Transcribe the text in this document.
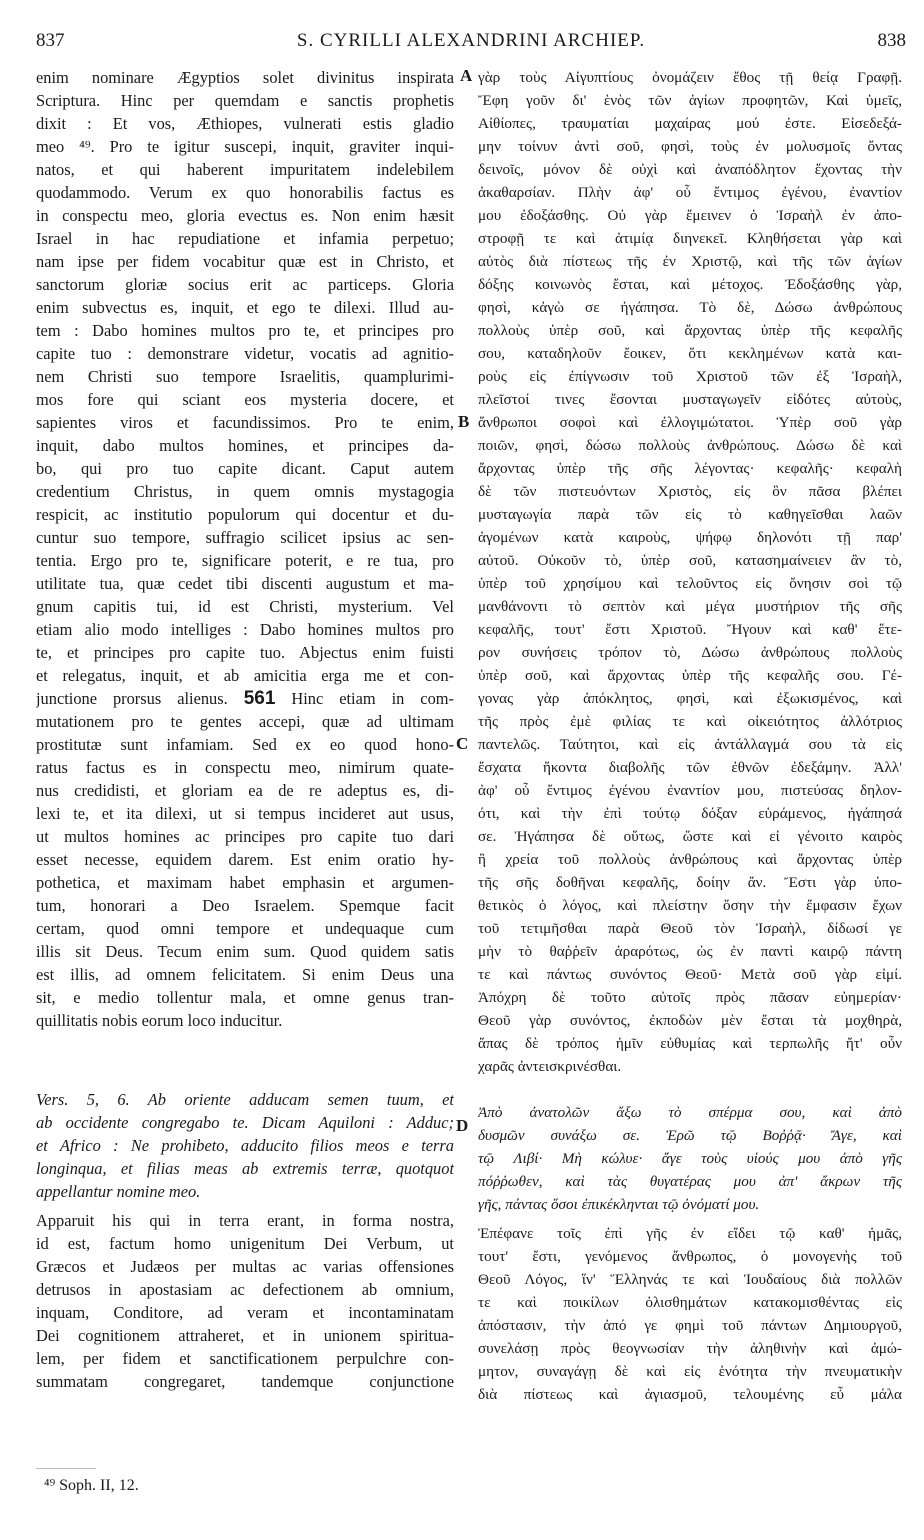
837	S. CYRILLI ALEXANDRINI ARCHIEP.	838
A
B
C
D
enim nominare Ægyptios solet divinitus inspirata
Scriptura. Hinc per quemdam e sanctis prophetis
dixit : Et vos, Æthiopes, vulnerati estis gladio
meo ⁴⁹. Pro te igitur suscepi, inquit, graviter inqui-
natos, et qui haberent impuritatem indelebilem
quodammodo. Verum ex quo honorabilis factus es
in conspectu meo, gloria evectus es. Non enim hæsit
Israel in hac repudiatione et infamia perpetuo;
nam ipse per fidem vocabitur quæ est in Christo, et
sanctorum gloriæ socius erit ac particeps. Gloria
enim subvectus es, inquit, et ego te dilexi. Illud au-
tem : Dabo homines multos pro te, et principes pro
capite tuo : demonstrare videtur, vocatis ad agnitio-
nem Christi suo tempore Israelitis, quamplurimi-
mos fore qui sciant eos mysteria docere, et
sapientes viros et facundissimos. Pro te enim,
inquit, dabo multos homines, et principes da-
bo, qui pro tuo capite dicant. Caput autem
credentium Christus, in quem omnis mystagogia
respicit, ac institutio populorum qui docentur et du-
cuntur suo tempore, suffragio scilicet ipsius ac sen-
tentia. Ergo pro te, significare poterit, e re tua, pro
utilitate tua, quæ cedet tibi discenti augustum et ma-
gnum capitis tui, id est Christi, mysterium. Vel
etiam alio modo intelliges : Dabo homines multos pro
te, et principes pro capite tuo. Abjectus enim fuisti
et relegatus, inquit, et ab amicitia erga me et con-
junctione prorsus alienus. 561 Hinc etiam in com-
mutationem pro te gentes accepi, quæ ad ultimam
prostitutæ sunt infamiam. Sed ex eo quod hono-
ratus factus es in conspectu meo, nimirum quate-
nus credidisti, et gloriam ea de re adeptus es, di-
lexi te, et ita dilexi, ut si tempus incideret aut usus,
ut multos homines ac principes pro capite tuo dari
esset necesse, equidem darem. Est enim oratio hy-
pothetica, et maximam habet emphasin et argumen-
tum, honorari a Deo Israelem. Spemque facit
certam, quod omni tempore et undequaque cum
illis sit Deus. Tecum enim sum. Quod quidem satis
est illis, ad omnem felicitatem. Si enim Deus una
sit, e medio tollentur mala, et omne genus tran-
quillitatis nobis eorum loco inducitur.
Vers. 5, 6. Ab oriente adducam semen tuum, et
ab occidente congregabo te. Dicam Aquiloni : Adduc;
et Africo : Ne prohibeto, adducito filios meos e terra
longinqua, et filias meas ab extremis terræ, quotquot
appellantur nomine meo.
Apparuit his qui in terra erant, in forma nostra,
id est, factum homo unigenitum Dei Verbum, ut
Græcos et Judæos per multas ac varias offensiones
detrusos in apostasiam ac defectionem ab omnium,
inquam, Conditore, ad veram et incontaminatam
Dei cognitionem attraheret, et in unionem spiritua-
lem, per fidem et sanctificationem perpulchre con-
summatam congregaret, tandemque conjunctione
γὰρ τοὺς Αἰγυπτίους ὀνομάζειν ἔθος τῇ θείᾳ Γραφῇ.
Ἔφη γοῦν δι' ἑνὸς τῶν ἁγίων προφητῶν, Καὶ ὑμεῖς,
Αἰθίοπες, τραυματίαι μαχαίρας μού ἐστε. Εἰσεδεξά-
μην τοίνυν ἀντὶ σοῦ, φησὶ, τοὺς ἐν μολυσμοῖς ὄντας
δεινοῖς, μόνον δὲ οὐχὶ καὶ ἀναπόδλητον ἔχοντας τὴν
ἀκαθαρσίαν. Πλὴν ἀφ' οὗ ἔντιμος ἐγένου, ἐναντίον
μου ἐδοξάσθης. Οὐ γὰρ ἔμεινεν ὁ Ἰσραὴλ ἐν ἀπο-
στροφῇ τε καὶ ἀτιμίᾳ διηνεκεῖ. Κληθήσεται γὰρ καὶ
αὐτὸς διὰ πίστεως τῆς ἐν Χριστῷ, καὶ τῆς τῶν ἁγίων
δόξης κοινωνὸς ἔσται, καὶ μέτοχος. Ἐδοξάσθης γὰρ,
φησὶ, κἀγὼ σε ἠγάπησα. Τὸ δὲ, Δώσω ἀνθρώπους
πολλοὺς ὑπὲρ σοῦ, καὶ ἄρχοντας ὑπὲρ τῆς κεφαλῆς
σου, καταδηλοῦν ἔοικεν, ὅτι κεκλημένων κατὰ και-
ροὺς εἰς ἐπίγνωσιν τοῦ Χριστοῦ τῶν ἐξ Ἰσραὴλ,
πλεῖστοί τινες ἔσονται μυσταγωγεῖν εἰδότες αὐτοὺς,
ἄνθρωποι σοφοὶ καὶ ἐλλογιμώτατοι. Ὑπὲρ σοῦ γὰρ
ποιῶν, φησὶ, δώσω πολλοὺς ἀνθρώπους. Δώσω δὲ καὶ
ἄρχοντας ὑπὲρ τῆς σῆς λέγοντας· κεφαλῆς· κεφαλὴ
δὲ τῶν πιστευόντων Χριστὸς, εἰς ὃν πᾶσα βλέπει
μυσταγωγία παρὰ τῶν εἰς τὸ καθηγεῖσθαι λαῶν
ἀγομένων κατὰ καιροὺς, ψήφῳ δηλονότι τῇ παρ'
αὐτοῦ. Οὐκοῦν τὸ, ὑπὲρ σοῦ, κατασημαίνειεν ἂν τὸ,
ὑπὲρ τοῦ χρησίμου καὶ τελοῦντος εἰς ὄνησιν σοὶ τῷ
μανθάνοντι τὸ σεπτὸν καὶ μέγα μυστήριον τῆς σῆς
κεφαλῆς, τουτ' ἔστι Χριστοῦ. Ἤγουν καὶ καθ' ἕτε-
ρον συνήσεις τρόπον τὸ, Δώσω ἀνθρώπους πολλοὺς
ὑπὲρ σοῦ, καὶ ἄρχοντας ὑπὲρ τῆς κεφαλῆς σου. Γέ-
γονας γὰρ ἀπόκλητος, φησὶ, καὶ ἐξωκισμένος, καὶ
τῆς πρὸς ἐμὲ φιλίας τε καὶ οἰκειότητος ἀλλότριος
παντελῶς. Ταύτητοι, καὶ εἰς ἀντάλλαγμά σου τὰ εἰς
ἔσχατα ἥκοντα διαβολῆς τῶν ἐθνῶν ἐδεξάμην. Ἀλλ'
ἀφ' οὗ ἔντιμος ἐγένου ἐναντίον μου, πιστεύσας δηλον-
ότι, καὶ τὴν ἐπὶ τούτῳ δόξαν εὑράμενος, ἠγάπησά
σε. Ἠγάπησα δὲ οὕτως, ὥστε καὶ εἰ γένοιτο καιρὸς
ἢ χρεία τοῦ πολλοὺς ἀνθρώπους καὶ ἄρχοντας ὑπὲρ
τῆς σῆς δοθῆναι κεφαλῆς, δοίην ἄν. Ἔστι γὰρ ὑπο-
θετικὸς ὁ λόγος, καὶ πλείστην ὅσην τὴν ἔμφασιν ἔχων
τοῦ τετιμῆσθαι παρὰ Θεοῦ τὸν Ἰσραὴλ, δίδωσί γε
μὴν τὸ θαῤῥεῖν ἀραρότως, ὡς ἐν παντὶ καιρῷ πάντη
τε καὶ πάντως συνόντος Θεοῦ· Μετὰ σοῦ γὰρ εἰμί.
Ἀπόχρη δὲ τοῦτο αὐτοῖς πρὸς πᾶσαν εὐημερίαν·
Θεοῦ γὰρ συνόντος, ἐκποδὼν μὲν ἔσται τὰ μοχθηρὰ,
ἅπας δὲ τρόπος ἡμῖν εὐθυμίας καὶ τερπωλῆς ἤτ' οὖν
χαρᾶς ἀντεισκρινέσθαι.
Ἀπὸ ἀνατολῶν ἄξω τὸ σπέρμα σου, καὶ ἀπὸ
δυσμῶν συνάξω σε. Ἐρῶ τῷ Βοῤῥᾷ· Ἄγε, καὶ
τῷ Λιβί· Μὴ κώλυε· ἄγε τοὺς υἱούς μου ἀπὸ γῆς
πόῤῥωθεν, καὶ τὰς θυγατέρας μου ἀπ' ἄκρων τῆς
γῆς, πάντας ὅσοι ἐπικέκληνται τῷ ὀνόματί μου.
Ἐπέφανε τοῖς ἐπὶ γῆς ἐν εἴδει τῷ καθ' ἡμᾶς,
τουτ' ἔστι, γενόμενος ἄνθρωπος, ὁ μονογενὴς τοῦ
Θεοῦ Λόγος, ἵν' Ἕλληνάς τε καὶ Ἰουδαίους διὰ πολλῶν
τε καὶ ποικίλων ὀλισθημάτων κατακομισθέντας εἰς
ἀπόστασιν, τὴν ἀπό γε φημὶ τοῦ πάντων Δημιουργοῦ,
συνελάσῃ πρὸς θεογνωσίαν τὴν ἀληθινὴν καὶ ἀμώ-
μητον, συναγάγῃ δὲ καὶ εἰς ἑνότητα τὴν πνευματικὴν
διὰ πίστεως καὶ ἁγιασμοῦ, τελουμένης εὖ μάλα
⁴⁹ Soph. II, 12.
